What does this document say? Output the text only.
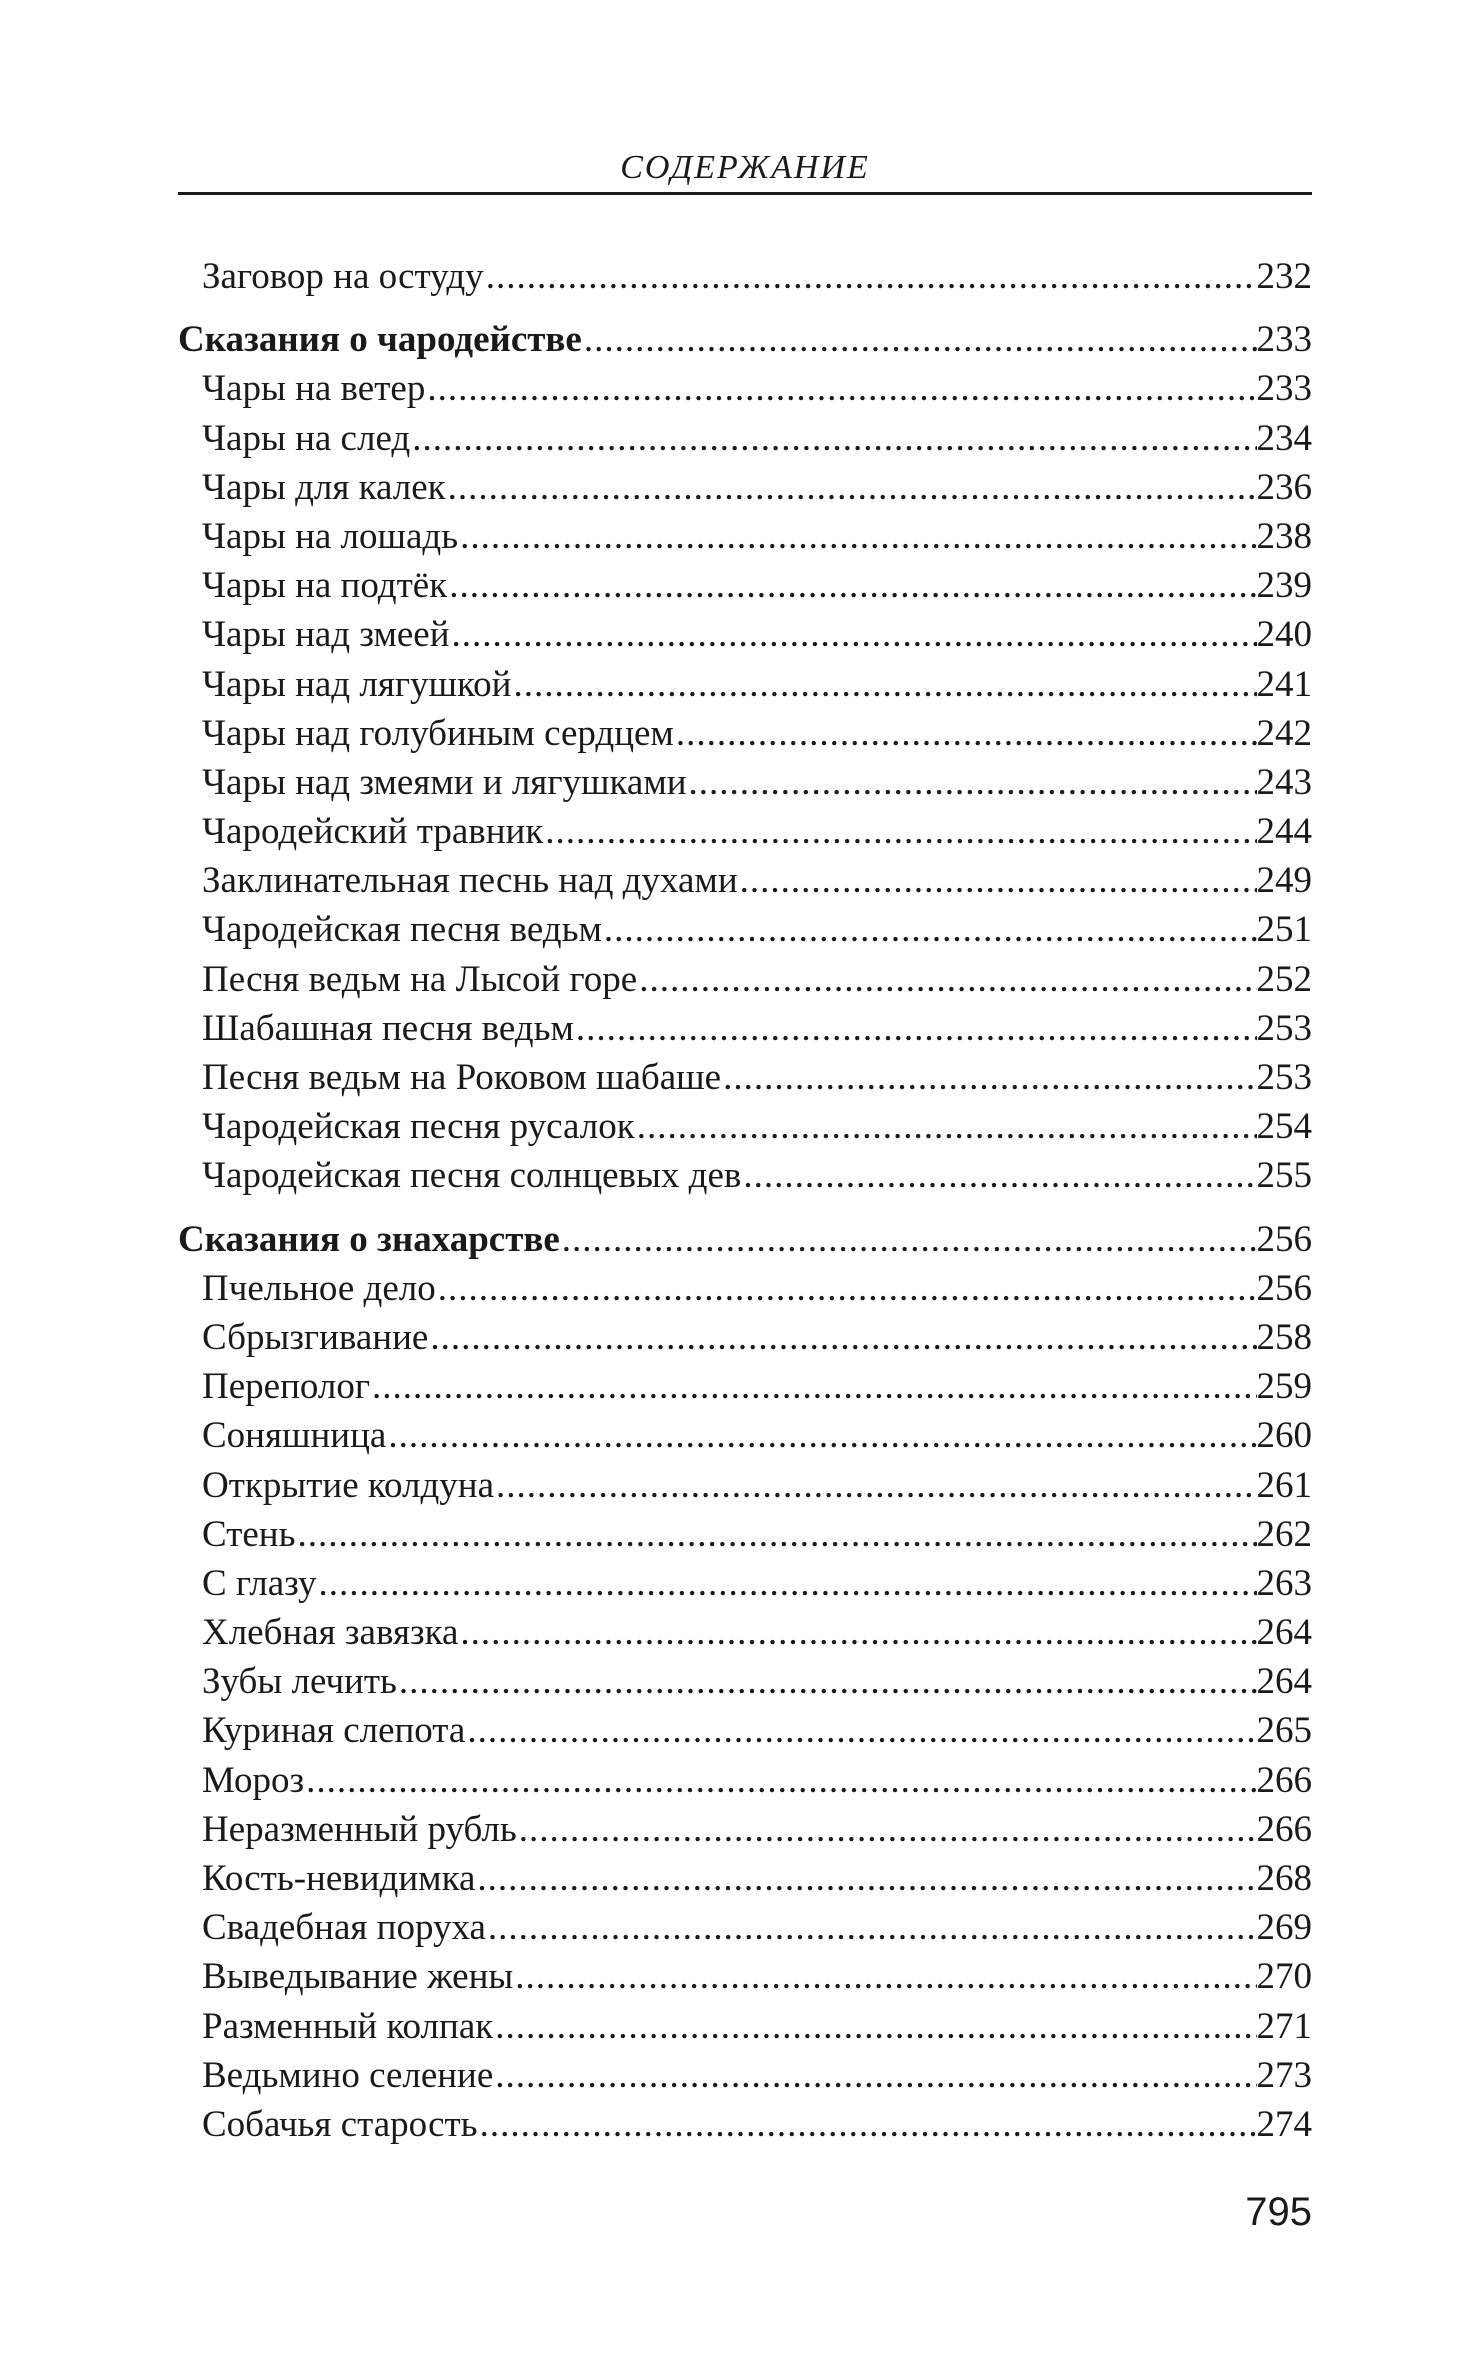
СОДЕРЖАНИЕ
Заговор на остуду .....	232
Сказания о чародействе .....	233
Чары на ветер .....	233
Чары на след .....	234
Чары для калек .....	236
Чары на лошадь .....	238
Чары на подтёк .....	239
Чары над змеей .....	240
Чары над лягушкой .....	241
Чары над голубиным сердцем .....	242
Чары над змеями и лягушками .....	243
Чародейский травник .....	244
Заклинательная песнь над духами .....	249
Чародейская песня ведьм .....	251
Песня ведьм на Лысой горе .....	252
Шабашная песня ведьм .....	253
Песня ведьм на Роковом шабаше .....	253
Чародейская песня русалок .....	254
Чародейская песня солнцевых дев .....	255
Сказания о знахарстве .....	256
Пчельное дело .....	256
Сбрызгивание .....	258
Переполог .....	259
Соняшница .....	260
Открытие колдуна .....	261
Стень .....	262
С глазу .....	263
Хлебная завязка .....	264
Зубы лечить .....	264
Куриная слепота .....	265
Мороз .....	266
Неразменный рубль .....	266
Кость-невидимка .....	268
Свадебная поруха .....	269
Выведывание жены .....	270
Разменный колпак .....	271
Ведьмино селение .....	273
Собачья старость .....	274
795
